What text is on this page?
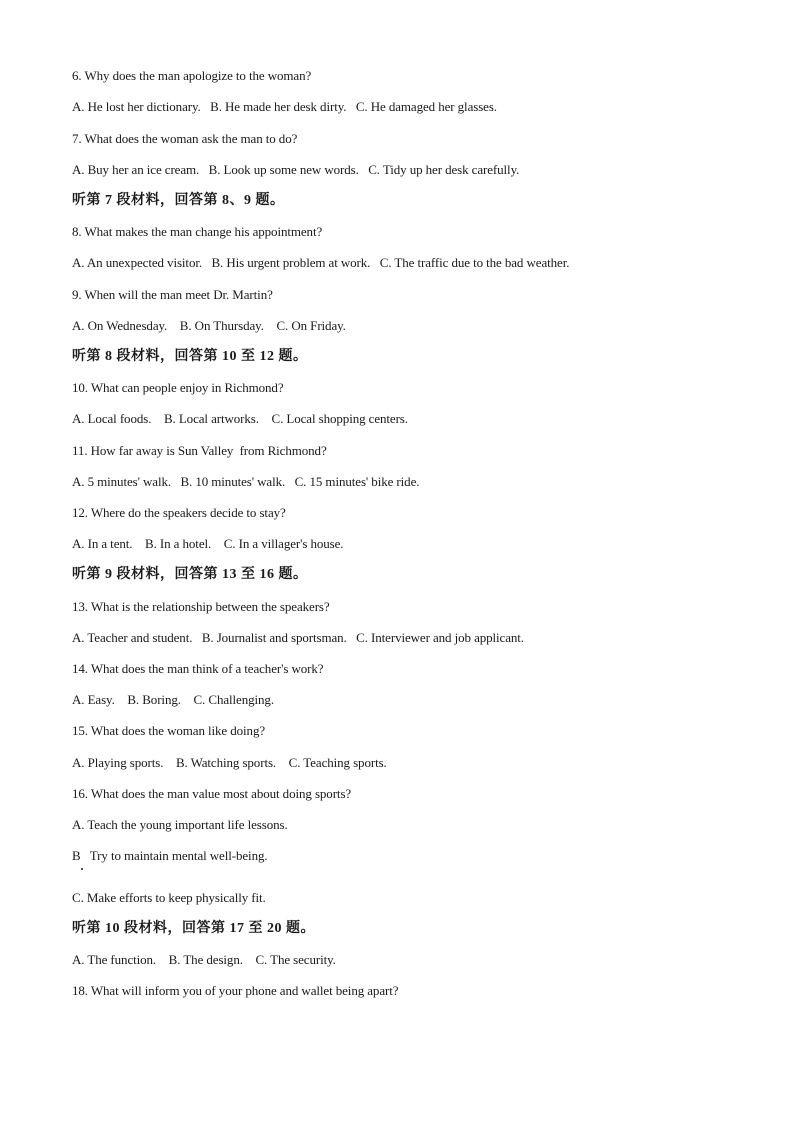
6. Why does the man apologize to the woman?
A. He lost her dictionary.   B. He made her desk dirty.   C. He damaged her glasses.
7. What does the woman ask the man to do?
A. Buy her an ice cream.   B. Look up some new words.   C. Tidy up her desk carefully.
听第 7 段材料，回答第 8、9 题。
8. What makes the man change his appointment?
A. An unexpected visitor.   B. His urgent problem at work.   C. The traffic due to the bad weather.
9. When will the man meet Dr. Martin?
A. On Wednesday.    B. On Thursday.    C. On Friday.
听第 8 段材料，回答第 10 至 12 题。
10. What can people enjoy in Richmond?
A. Local foods.    B. Local artworks.    C. Local shopping centers.
11. How far away is Sun Valley  from Richmond?
A. 5 minutes' walk.   B. 10 minutes' walk.   C. 15 minutes' bike ride.
12. Where do the speakers decide to stay?
A. In a tent.    B. In a hotel.    C. In a villager's house.
听第 9 段材料，回答第 13 至 16 题。
13. What is the relationship between the speakers?
A. Teacher and student.   B. Journalist and sportsman.   C. Interviewer and job applicant.
14. What does the man think of a teacher's work?
A. Easy.    B. Boring.    C. Challenging.
15. What does the woman like doing?
A. Playing sports.    B. Watching sports.    C. Teaching sports.
16. What does the man value most about doing sports?
A. Teach the young important life lessons.
B   Try to maintain mental well-being.
C. Make efforts to keep physically fit.
听第 10 段材料，回答第 17 至 20 题。
A. The function.    B. The design.    C. The security.
18. What will inform you of your phone and wallet being apart?
